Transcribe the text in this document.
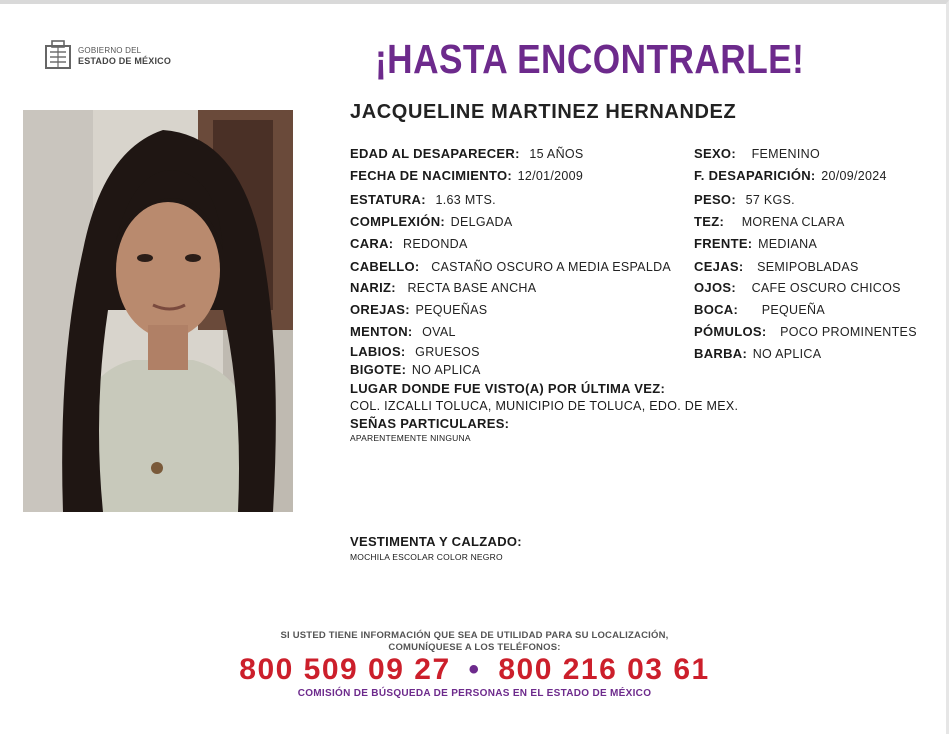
GOBIERNO DEL
ESTADO DE MÉXICO	¡HASTA ENCONTRARLE!
JACQUELINE MARTINEZ HERNANDEZ
EDAD AL DESAPARECER: 15 AÑOS
FECHA DE NACIMIENTO: 12/01/2009
ESTATURA: 1.63 MTS.
COMPLEXIÓN: DELGADA
CARA: REDONDA
CABELLO: CASTAÑO OSCURO A MEDIA ESPALDA
NARIZ: RECTA BASE ANCHA
OREJAS: PEQUEÑAS
MENTON: OVAL
LABIOS: GRUESOS
BIGOTE: NO APLICA
SEXO: FEMENINO
F. DESAPARICIÓN: 20/09/2024
PESO: 57 KGS.
TEZ: MORENA CLARA
FRENTE: MEDIANA
CEJAS: SEMIPOBLADAS
OJOS: CAFE OSCURO CHICOS
BOCA: PEQUEÑA
PÓMULOS: POCO PROMINENTES
BARBA: NO APLICA
LUGAR DONDE FUE VISTO(A) POR ÚLTIMA VEZ:
COL. IZCALLI TOLUCA, MUNICIPIO DE TOLUCA, EDO. DE MEX.
SEÑAS PARTICULARES:
APARENTEMENTE NINGUNA
VESTIMENTA Y CALZADO:
MOCHILA ESCOLAR COLOR NEGRO
SI USTED TIENE INFORMACIÓN QUE SEA DE UTILIDAD PARA SU LOCALIZACIÓN,
COMUNÍQUESE A LOS TELÉFONOS:
800 509 09 27 • 800 216 03 61
COMISIÓN DE BÚSQUEDA DE PERSONAS EN EL ESTADO DE MÉXICO
